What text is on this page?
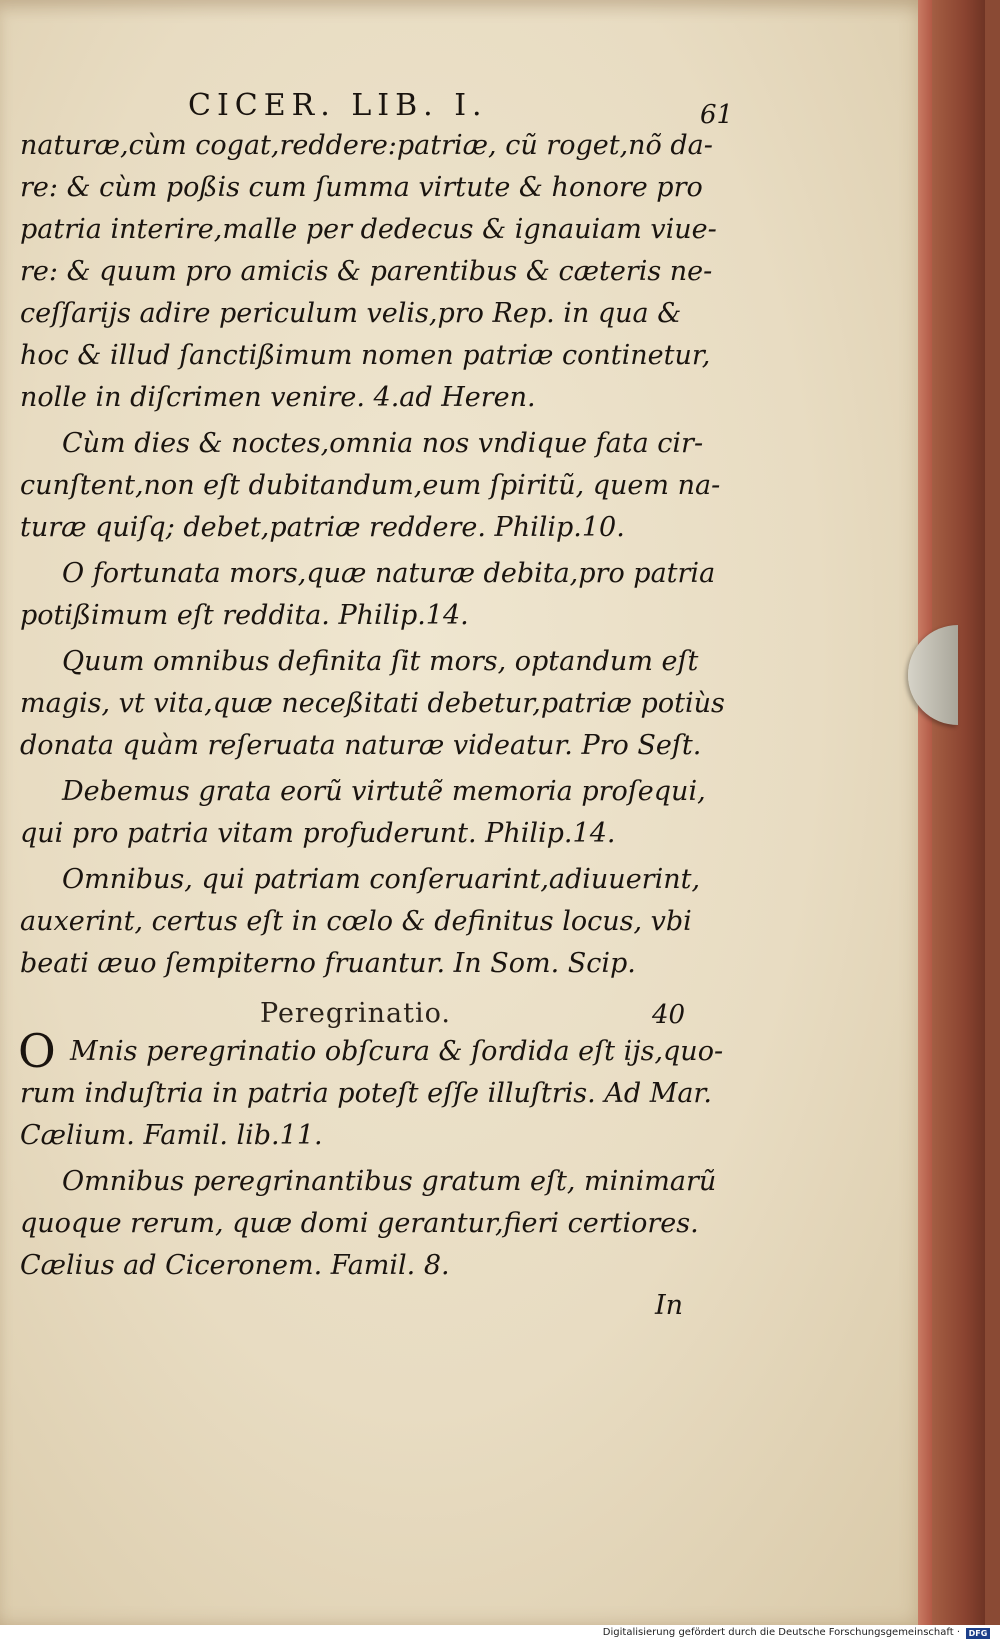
CICER. LIB. I.	61
naturæ,cùm cogat,reddere:patriæ, cũ roget,nõ da-
re: & cùm poßis cum ſumma virtute & honore pro
patria interire,malle per dedecus & ignauiam viue-
re: & quum pro amicis & parentibus & cæteris ne-
ceſſarijs adire periculum velis,pro Rep. in qua &
hoc & illud ſanctißimum nomen patriæ continetur,
nolle in diſcrimen venire. 4.ad Heren.
Cùm dies & noctes,omnia nos vndique fata cir-
cunſtent,non eſt dubitandum,eum ſpiritũ, quem na-
turæ quiſq; debet,patriæ reddere. Philip.10.
O fortunata mors,quæ naturæ debita,pro patria
potißimum eſt reddita. Philip.14.
Quum omnibus definita ſit mors, optandum eſt
magis, vt vita,quæ neceßitati debetur,patriæ potiùs
donata quàm reſeruata naturæ videatur. Pro Seſt.
Debemus grata eorũ virtutẽ memoria proſequi,
qui pro patria vitam profuderunt. Philip.14.
Omnibus, qui patriam conſeruarint,adiuuerint,
auxerint, certus eſt in cœlo & definitus locus, vbi
beati æuo ſempiterno fruantur. In Som. Scip.
Peregrinatio.	40
O Mnis peregrinatio obſcura & ſordida eſt ijs,quo-
rum induſtria in patria poteſt eſſe illuſtris. Ad Mar.
Cælium. Famil. lib.11.
Omnibus peregrinantibus gratum eſt, minimarũ
quoque rerum, quæ domi gerantur,fieri certiores.
Cælius ad Ciceronem. Famil. 8.
In
Digitalisierung gefördert durch die Deutsche Forschungsgemeinschaft ·	DFG
